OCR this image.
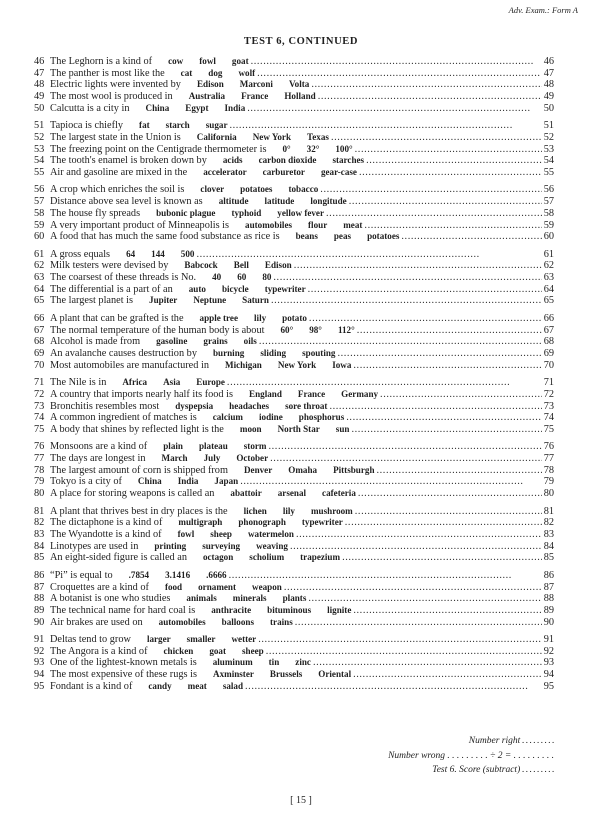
Adv. Exam.: Form A
TEST 6, CONTINUED
46 The Leghorn is a kind of cow fowl goat . . .	46
47 The panther is most like the cat dog wolf . . .	47
48 Electric lights were invented by Edison Marconi Volta . . .	48
49 The most wool is produced in Australia France Holland . . .	49
50 Calcutta is a city in China Egypt India . . .	50
51 Tapioca is chiefly fat starch sugar . . .	51
52 The largest state in the Union is California New York Texas . . .	52
53 The freezing point on the Centigrade thermometer is 0° 32° 100° . . .	53
54 The tooth's enamel is broken down by acids carbon dioxide starches . . .	54
55 Air and gasoline are mixed in the accelerator carburetor gear-case . . .	55
56 A crop which enriches the soil is clover potatoes tobacco . . .	56
57 Distance above sea level is known as altitude latitude longitude . . .	57
58 The house fly spreads bubonic plague typhoid yellow fever . . .	58
59 A very important product of Minneapolis is automobiles flour meat . . .	59
60 A food that has much the same food substance as rice is beans peas potatoes . . .	60
61 A gross equals 64 144 500 . . .	61
62 Milk testers were devised by Babcock Bell Edison . . .	62
63 The coarsest of these threads is No. 40 60 80 . . .	63
64 The differential is a part of an auto bicycle typewriter . . .	64
65 The largest planet is Jupiter Neptune Saturn . . .	65
66 A plant that can be grafted is the apple tree lily potato . . .	66
67 The normal temperature of the human body is about 60° 98° 112° . . .	67
68 Alcohol is made from gasoline grains oils . . .	68
69 An avalanche causes destruction by burning sliding spouting . . .	69
70 Most automobiles are manufactured in Michigan New York Iowa . . .	70
71 The Nile is in Africa Asia Europe . . .	71
72 A country that imports nearly half its food is England France Germany . . .	72
73 Bronchitis resembles most dyspepsia headaches sore throat . . .	73
74 A common ingredient of matches is calcium iodine phosphorus . . .	74
75 A body that shines by reflected light is the moon North Star sun . . .	75
76 Monsoons are a kind of plain plateau storm . . .	76
77 The days are longest in March July October . . .	77
78 The largest amount of corn is shipped from Denver Omaha Pittsburgh . . .	78
79 Tokyo is a city of China India Japan . . .	79
80 A place for storing weapons is called an abattoir arsenal cafeteria . . .	80
81 A plant that thrives best in dry places is the lichen lily mushroom . . .	81
82 The dictaphone is a kind of multigraph phonograph typewriter . . .	82
83 The Wyandotte is a kind of fowl sheep watermelon . . .	83
84 Linotypes are used in printing surveying weaving . . .	84
85 An eight-sided figure is called an octagon scholium trapezium . . .	85
86 “Pi” is equal to .7854 3.1416 .6666 . . .	86
87 Croquettes are a kind of food ornament weapon . . .	87
88 A botanist is one who studies animals minerals plants . . .	88
89 The technical name for hard coal is anthracite bituminous lignite . . .	89
90 Air brakes are used on automobiles balloons trains . . .	90
91 Deltas tend to grow larger smaller wetter . . .	91
92 The Angora is a kind of chicken goat sheep . . .	92
93 One of the lightest-known metals is aluminum tin zinc . . .	93
94 The most expensive of these rugs is Axminster Brussels Oriental . . .	94
95 Fondant is a kind of candy meat salad . . .	95
Number right . . .
Number wrong . . . . . . . . . ÷ 2 = . . . . . . . . .
Test 6. Score (subtract) . . .
[ 15 ]
